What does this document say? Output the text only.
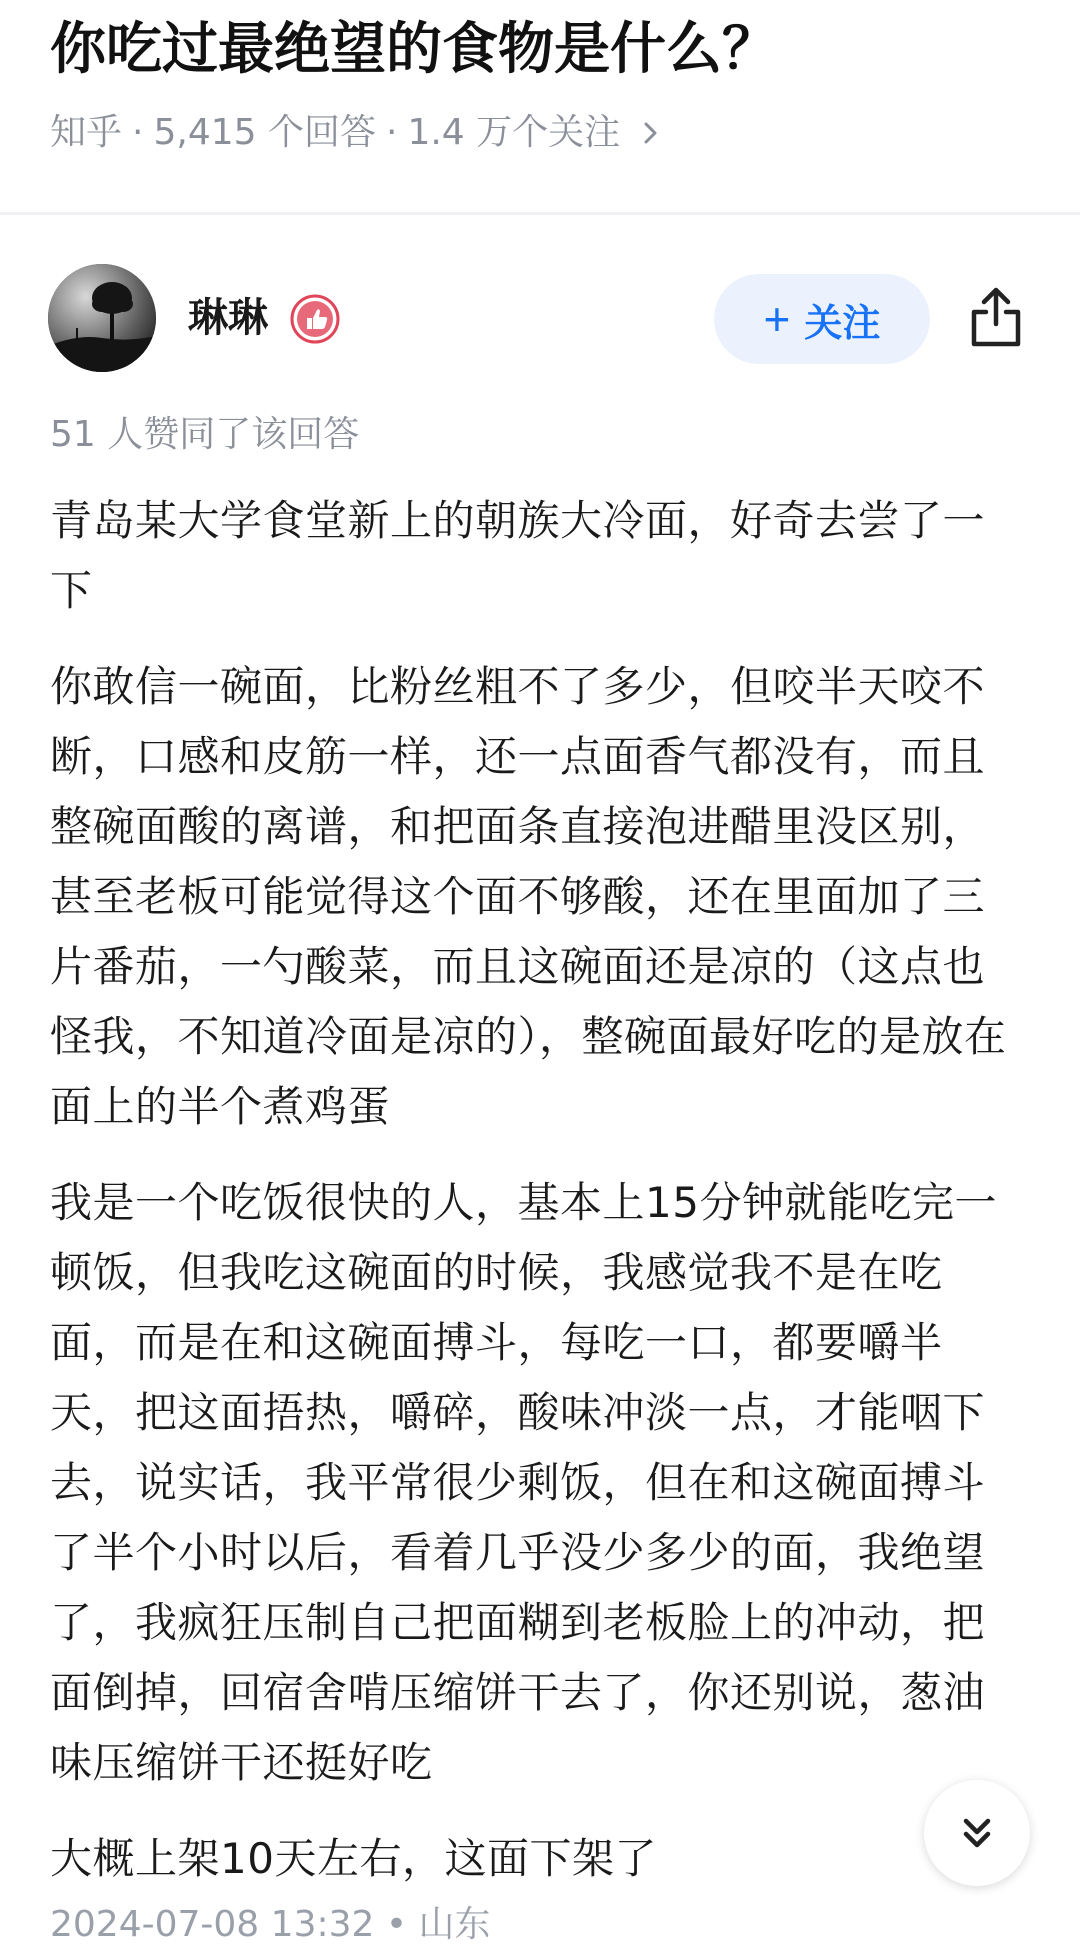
你吃过最绝望的食物是什么？
知乎 · 5,415 个回答 · 1.4 万个关注
琳琳	+ 关注
51 人赞同了该回答

青岛某大学食堂新上的朝族大冷面，好奇去尝了一下

你敢信一碗面，比粉丝粗不了多少，但咬半天咬不断，口感和皮筋一样，还一点面香气都没有，而且整碗面酸的离谱，和把面条直接泡进醋里没区别，甚至老板可能觉得这个面不够酸，还在里面加了三片番茄，一勺酸菜，而且这碗面还是凉的（这点也怪我，不知道冷面是凉的），整碗面最好吃的是放在面上的半个煮鸡蛋

我是一个吃饭很快的人，基本上15分钟就能吃完一顿饭，但我吃这碗面的时候，我感觉我不是在吃面，而是在和这碗面搏斗，每吃一口，都要嚼半天，把这面捂热，嚼碎，酸味冲淡一点，才能咽下去，说实话，我平常很少剩饭，但在和这碗面搏斗了半个小时以后，看着几乎没少多少的面，我绝望了，我疯狂压制自己把面糊到老板脸上的冲动，把面倒掉，回宿舍啃压缩饼干去了，你还别说，葱油味压缩饼干还挺好吃

大概上架10天左右，这面下架了

2024-07-08 13:32 • 山东
